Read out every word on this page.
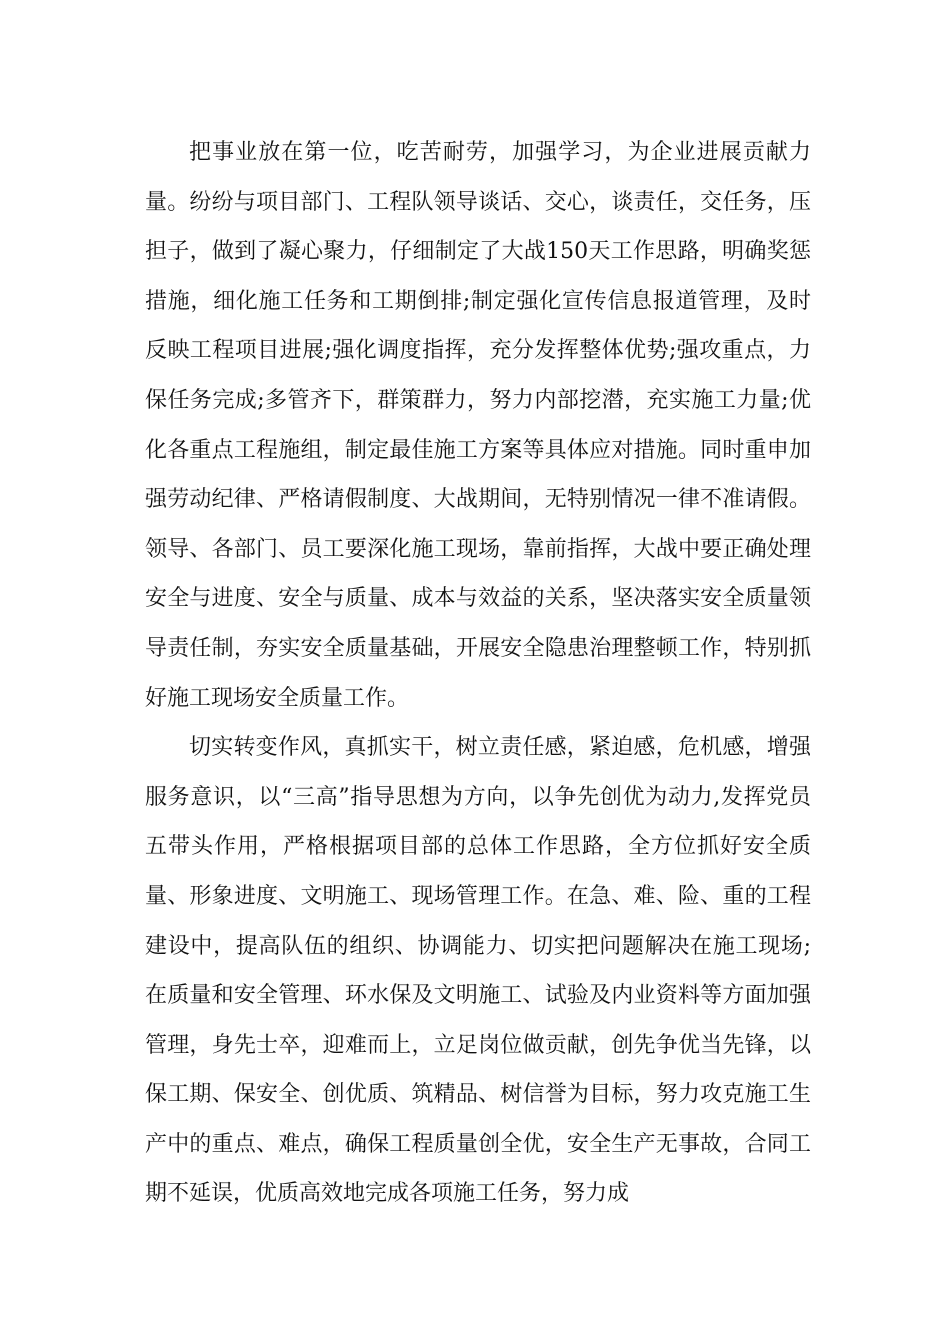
把事业放在第一位，吃苦耐劳，加强学习，为企业进展贡献力量。纷纷与项目部门、工程队领导谈话、交心，谈责任，交任务，压担子，做到了凝心聚力，仔细制定了大战150天工作思路，明确奖惩措施，细化施工任务和工期倒排;制定强化宣传信息报道管理，及时反映工程项目进展;强化调度指挥，充分发挥整体优势;强攻重点，力保任务完成;多管齐下，群策群力，努力内部挖潜，充实施工力量;优化各重点工程施组，制定最佳施工方案等具体应对措施。同时重申加强劳动纪律、严格请假制度、大战期间，无特别情况一律不准请假。领导、各部门、员工要深化施工现场，靠前指挥，大战中要正确处理安全与进度、安全与质量、成本与效益的关系，坚决落实安全质量领导责任制，夯实安全质量基础，开展安全隐患治理整顿工作，特别抓好施工现场安全质量工作。

切实转变作风，真抓实干，树立责任感，紧迫感，危机感，增强服务意识，以“三高”指导思想为方向，以争先创优为动力,发挥党员五带头作用，严格根据项目部的总体工作思路，全方位抓好安全质量、形象进度、文明施工、现场管理工作。在急、难、险、重的工程建设中，提高队伍的组织、协调能力、切实把问题解决在施工现场;在质量和安全管理、环水保及文明施工、试验及内业资料等方面加强管理，身先士卒，迎难而上，立足岗位做贡献，创先争优当先锋，以保工期、保安全、创优质、筑精品、树信誉为目标，努力攻克施工生产中的重点、难点，确保工程质量创全优，安全生产无事故，合同工期不延误，优质高效地完成各项施工任务，努力成
